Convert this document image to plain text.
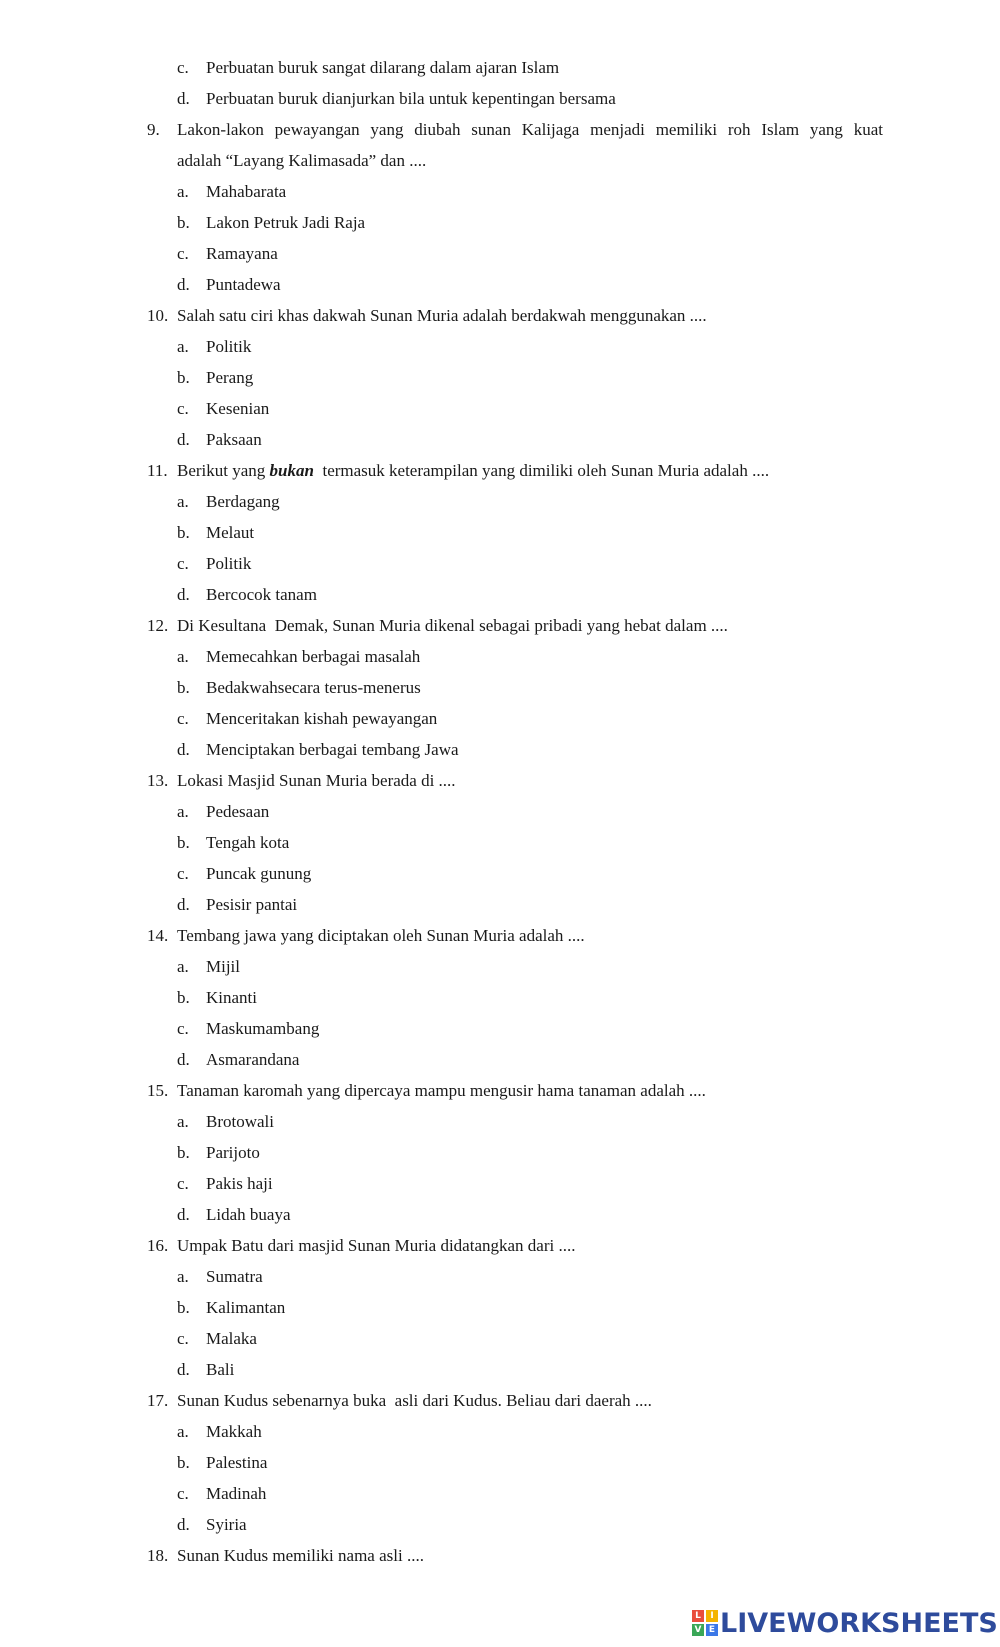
c. Perbuatan buruk sangat dilarang dalam ajaran Islam
d. Perbuatan buruk dianjurkan bila untuk kepentingan bersama
9. Lakon-lakon pewayangan yang diubah sunan Kalijaga menjadi memiliki roh Islam yang kuat
adalah “Layang Kalimasada” dan ....
a. Mahabarata
b. Lakon Petruk Jadi Raja
c. Ramayana
d. Puntadewa
10. Salah satu ciri khas dakwah Sunan Muria adalah berdakwah menggunakan ....
a. Politik
b. Perang
c. Kesenian
d. Paksaan
11. Berikut yang bukan  termasuk keterampilan yang dimiliki oleh Sunan Muria adalah ....
a. Berdagang
b. Melaut
c. Politik
d. Bercocok tanam
12. Di Kesultana  Demak, Sunan Muria dikenal sebagai pribadi yang hebat dalam ....
a. Memecahkan berbagai masalah
b. Bedakwahsecara terus-menerus
c. Menceritakan kishah pewayangan
d. Menciptakan berbagai tembang Jawa
13. Lokasi Masjid Sunan Muria berada di ....
a. Pedesaan
b. Tengah kota
c. Puncak gunung
d. Pesisir pantai
14. Tembang jawa yang diciptakan oleh Sunan Muria adalah ....
a. Mijil
b. Kinanti
c. Maskumambang
d. Asmarandana
15. Tanaman karomah yang dipercaya mampu mengusir hama tanaman adalah ....
a. Brotowali
b. Parijoto
c. Pakis haji
d. Lidah buaya
16. Umpak Batu dari masjid Sunan Muria didatangkan dari ....
a. Sumatra
b. Kalimantan
c. Malaka
d. Bali
17. Sunan Kudus sebenarnya buka  asli dari Kudus. Beliau dari daerah ....
a. Makkah
b. Palestina
c. Madinah
d. Syiria
18. Sunan Kudus memiliki nama asli ....
L	I
V E LIVEWORKSHEETS
